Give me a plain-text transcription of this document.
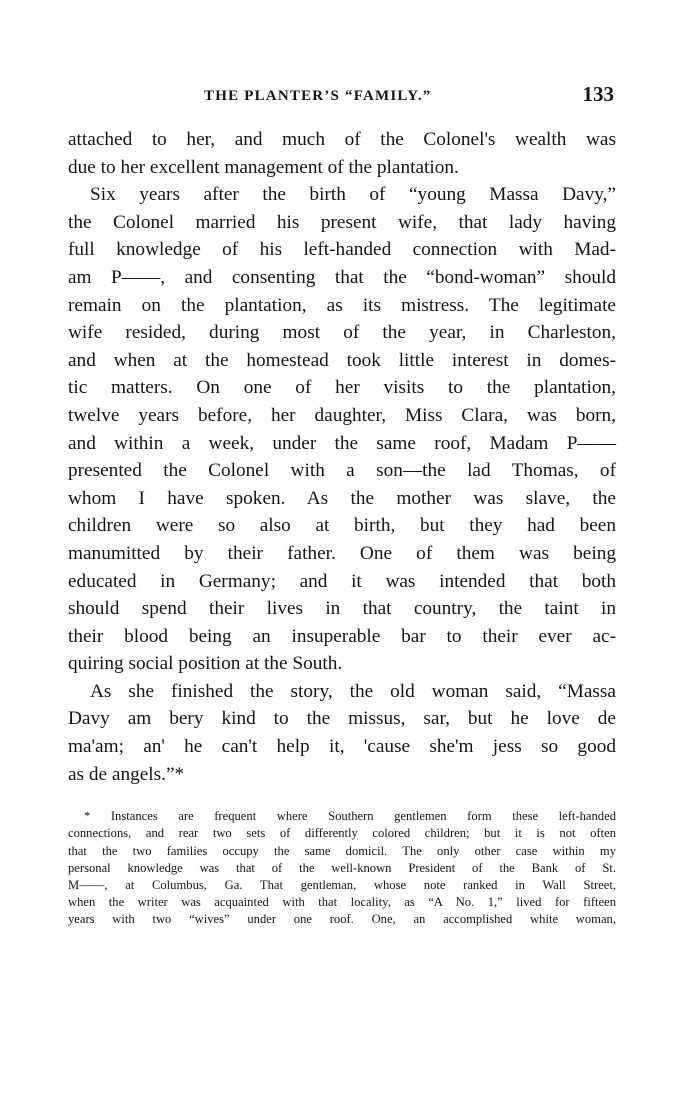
THE PLANTER’S “FAMILY.”	133
attached to her, and much of the Colonel's wealth was
due to her excellent management of the plantation.
Six years after the birth of “young Massa Davy,”
the Colonel married his present wife, that lady having
full knowledge of his left-handed connection with Mad-
am P——, and consenting that the “bond-woman” should
remain on the plantation, as its mistress. The legitimate
wife resided, during most of the year, in Charleston,
and when at the homestead took little interest in domes-
tic matters. On one of her visits to the plantation,
twelve years before, her daughter, Miss Clara, was born,
and within a week, under the same roof, Madam P——
presented the Colonel with a son—the lad Thomas, of
whom I have spoken. As the mother was slave, the
children were so also at birth, but they had been
manumitted by their father. One of them was being
educated in Germany; and it was intended that both
should spend their lives in that country, the taint in
their blood being an insuperable bar to their ever ac-
quiring social position at the South.
As she finished the story, the old woman said, “Massa
Davy am bery kind to the missus, sar, but he love de
ma'am; an' he can't help it, 'cause she'm jess so good
as de angels.”*
* Instances are frequent where Southern gentlemen form these left-handed
connections, and rear two sets of differently colored children; but it is not often
that the two families occupy the same domicil. The only other case within my
personal knowledge was that of the well-known President of the Bank of St.
M——, at Columbus, Ga. That gentleman, whose note ranked in Wall Street,
when the writer was acquainted with that locality, as “A No. 1,” lived for fifteen
years with two “wives” under one roof. One, an accomplished white woman,
